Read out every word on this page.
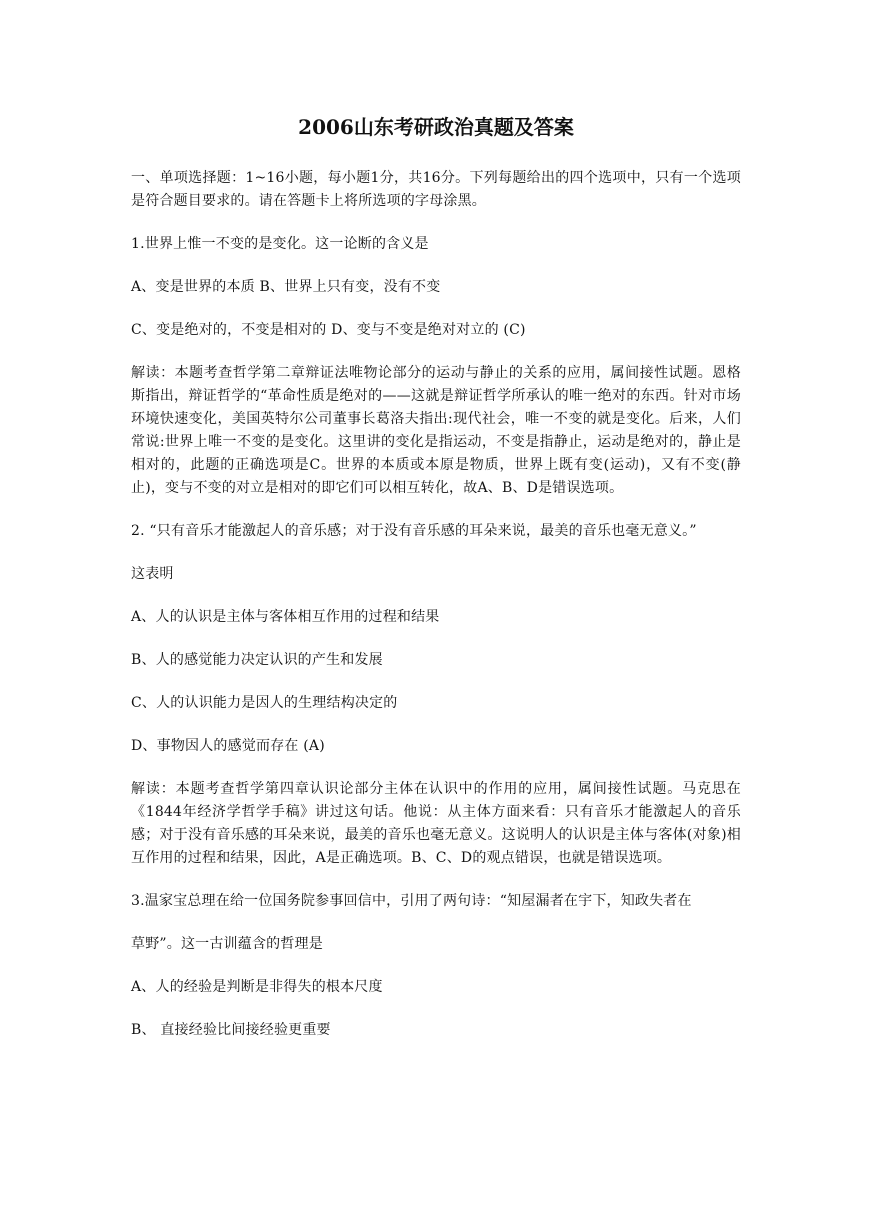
2006山东考研政治真题及答案

一、单项选择题：1~16小题，每小题1分，共16分。下列每题给出的四个选项中，只有一个选项是符合题目要求的。请在答题卡上将所选项的字母涂黑。

1.世界上惟一不变的是变化。这一论断的含义是

A、变是世界的本质 B、世界上只有变，没有不变

C、变是绝对的，不变是相对的 D、变与不变是绝对对立的 (C)

解读：本题考查哲学第二章辩证法唯物论部分的运动与静止的关系的应用，属间接性试题。恩格斯指出，辩证哲学的“革命性质是绝对的——这就是辩证哲学所承认的唯一绝对的东西。针对市场环境快速变化，美国英特尔公司董事长葛洛夫指出:现代社会，唯一不变的就是变化。后来，人们常说:世界上唯一不变的是变化。这里讲的变化是指运动，不变是指静止，运动是绝对的，静止是相对的，此题的正确选项是C。世界的本质或本原是物质，世界上既有变(运动)，又有不变(静止)，变与不变的对立是相对的即它们可以相互转化，故A、B、D是错误选项。

2. “只有音乐才能激起人的音乐感；对于没有音乐感的耳朵来说，最美的音乐也毫无意义。”

这表明

A、人的认识是主体与客体相互作用的过程和结果

B、人的感觉能力决定认识的产生和发展

C、人的认识能力是因人的生理结构决定的

D、事物因人的感觉而存在 (A)

解读：本题考查哲学第四章认识论部分主体在认识中的作用的应用，属间接性试题。马克思在《1844年经济学哲学手稿》讲过这句话。他说：从主体方面来看：只有音乐才能激起人的音乐感；对于没有音乐感的耳朵来说，最美的音乐也毫无意义。这说明人的认识是主体与客体(对象)相互作用的过程和结果，因此，A是正确选项。B、C、D的观点错误，也就是错误选项。

3.温家宝总理在给一位国务院参事回信中，引用了两句诗：“知屋漏者在宇下，知政失者在

草野”。这一古训蕴含的哲理是

A、人的经验是判断是非得失的根本尺度

B、 直接经验比间接经验更重要
